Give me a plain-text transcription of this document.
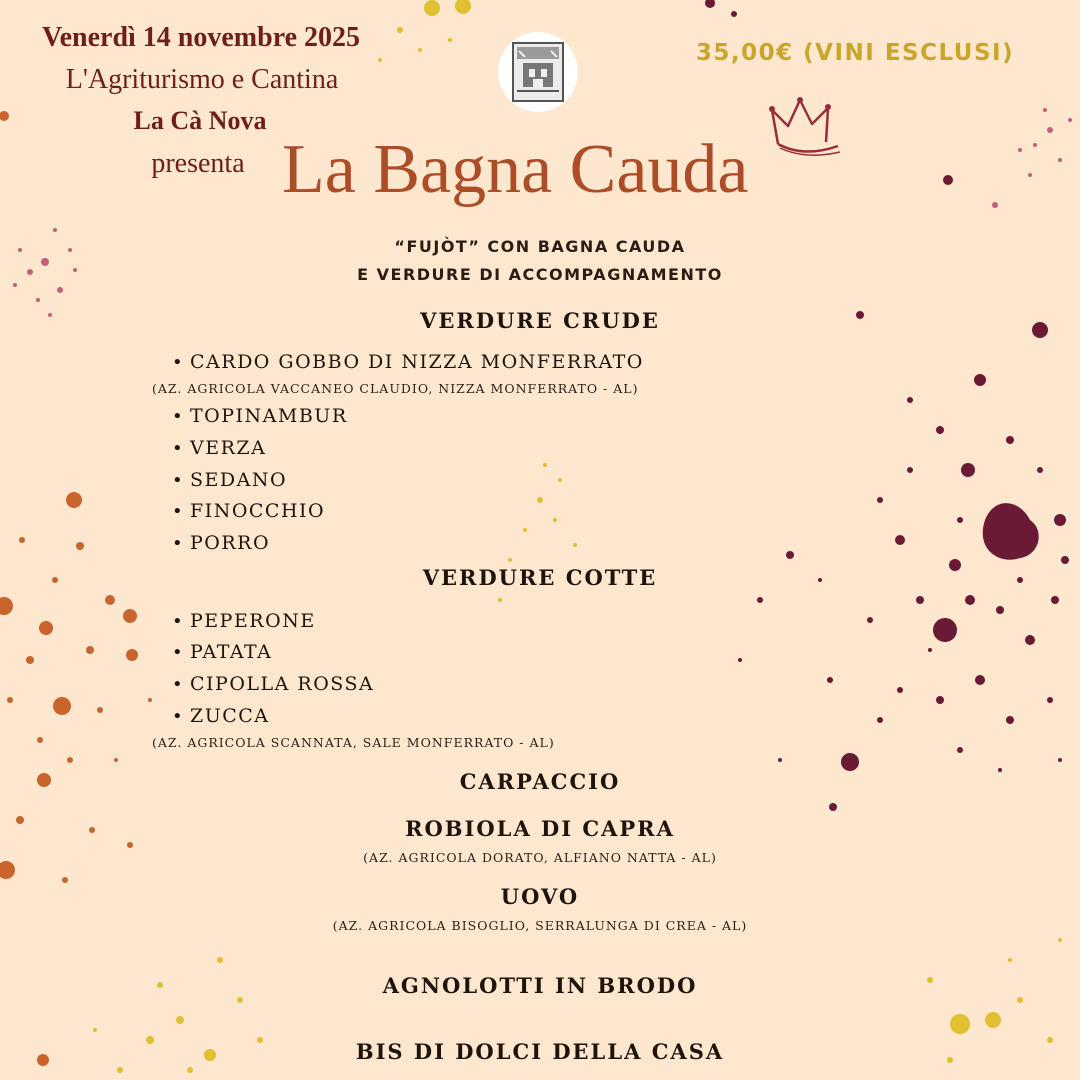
Venerdì 14 novembre 2025
L'Agriturismo e Cantina
La Cà Nova
presenta La Bagna Cauda
35,00€ (VINI ESCLUSI)
“FUJÒT” CON BAGNA CAUDA
E VERDURE DI ACCOMPAGNAMENTO
VERDURE CRUDE
• CARDO GOBBO DI NIZZA MONFERRATO
(AZ. AGRICOLA VACCANEO CLAUDIO, NIZZA MONFERRATO - AL)
• TOPINAMBUR
• VERZA
• SEDANO
• FINOCCHIO
• PORRO
VERDURE COTTE
• PEPERONE
• PATATA
• CIPOLLA ROSSA
• ZUCCA
(AZ. AGRICOLA SCANNATA, SALE MONFERRATO - AL)
CARPACCIO
ROBIOLA DI CAPRA
(AZ. AGRICOLA DORATO, ALFIANO NATTA - AL)
UOVO
(AZ. AGRICOLA BISOGLIO, SERRALUNGA DI CREA - AL)
AGNOLOTTI IN BRODO
BIS DI DOLCI DELLA CASA
